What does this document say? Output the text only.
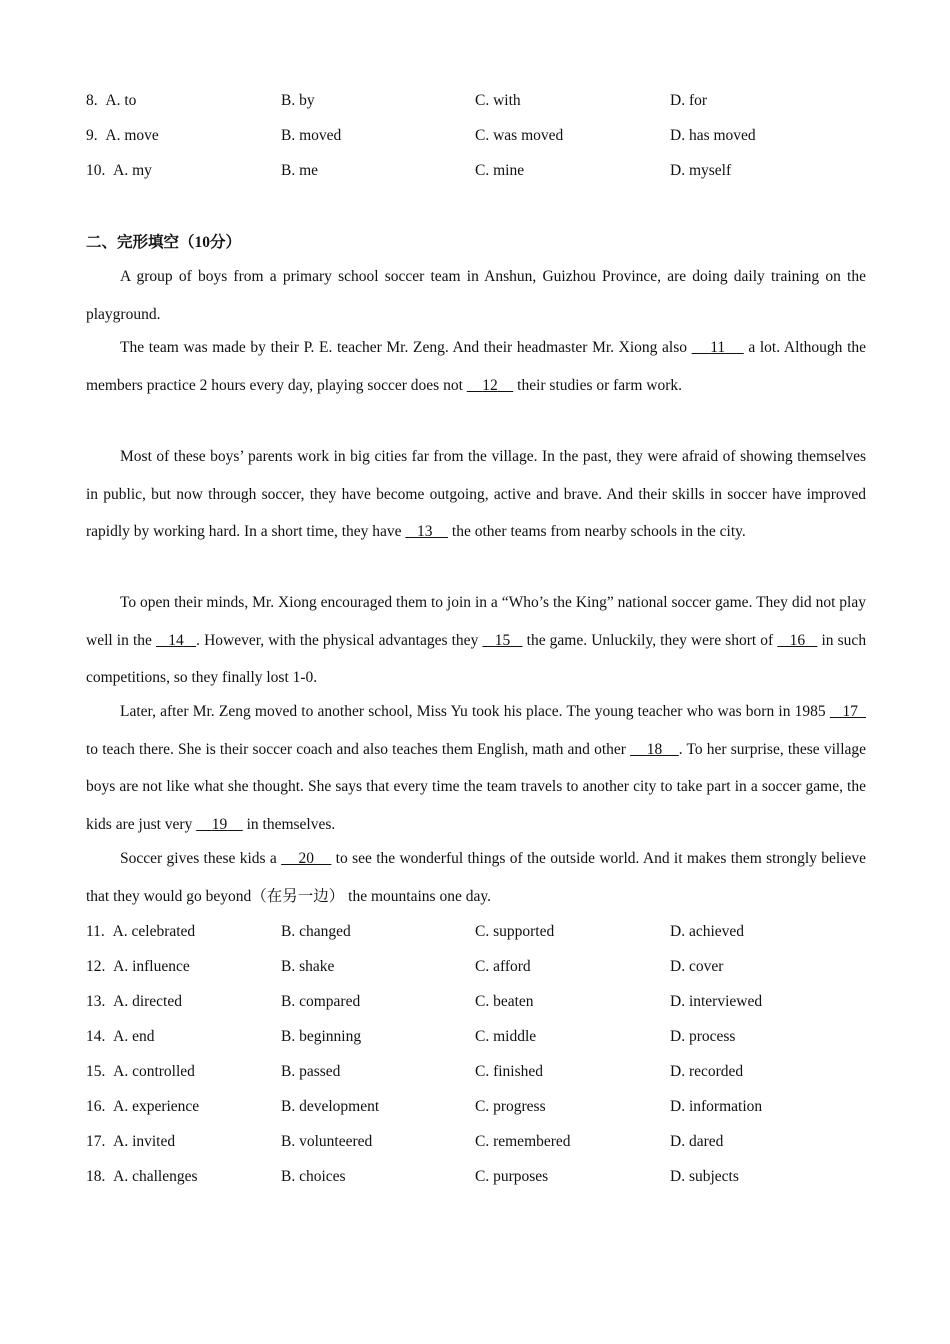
8. A. to	B. by	C. with	D. for
9. A. move	B. moved	C. was moved	D. has moved
10. A. my	B. me	C. mine	D. myself
二、完形填空（10分）
A group of boys from a primary school soccer team in Anshun, Guizhou Province, are doing daily training on the playground.
The team was made by their P. E. teacher Mr. Zeng. And their headmaster Mr. Xiong also 11 a lot. Although the members practice 2 hours every day, playing soccer does not 12 their studies or farm work.
Most of these boys’ parents work in big cities far from the village. In the past, they were afraid of showing themselves in public, but now through soccer, they have become outgoing, active and brave. And their skills in soccer have improved rapidly by working hard. In a short time, they have 13 the other teams from nearby schools in the city.
To open their minds, Mr. Xiong encouraged them to join in a “Who’s the King” national soccer game. They did not play well in the 14 . However, with the physical advantages they 15 the game. Unluckily, they were short of 16 in such competitions, so they finally lost 1-0.
Later, after Mr. Zeng moved to another school, Miss Yu took his place. The young teacher who was born in 1985 17   to teach there. She is their soccer coach and also teaches them English, math and other 18 . To her surprise, these village boys are not like what she thought. She says that every time the team travels to another city to take part in a soccer game, the kids are just very 19 in themselves.
Soccer gives these kids a 20 to see the wonderful things of the outside world. And it makes them strongly believe that they would go beyond（在另一边） the mountains one day.
11. A. celebrated	B. changed	C. supported	D. achieved
12. A. influence	B. shake	C. afford	D. cover
13. A. directed	B. compared	C. beaten	D. interviewed
14. A. end	B. beginning	C. middle	D. process
15. A. controlled	B. passed	C. finished	D. recorded
16. A. experience	B. development	C. progress	D. information
17. A. invited	B. volunteered	C. remembered	D. dared
18. A. challenges	B. choices	C. purposes	D. subjects
